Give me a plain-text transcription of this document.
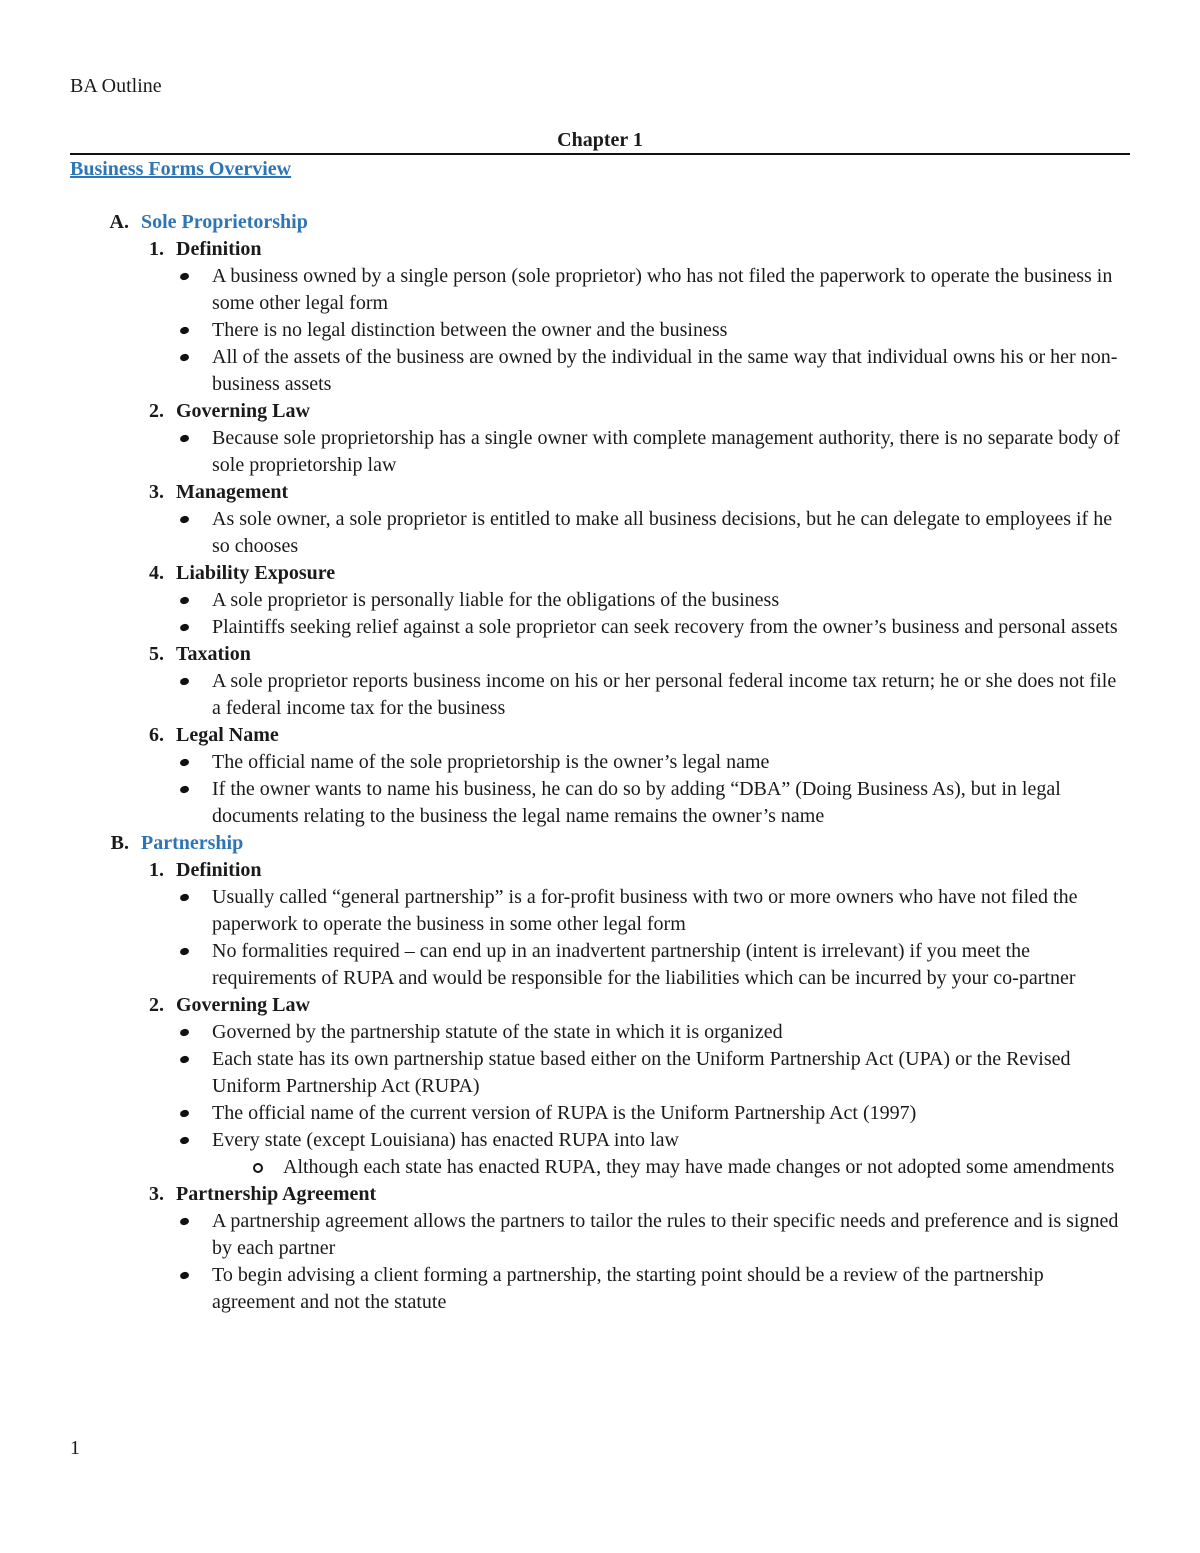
BA Outline
Chapter 1
Business Forms Overview
A. Sole Proprietorship
1. Definition
A business owned by a single person (sole proprietor) who has not filed the paperwork to operate the business in some other legal form
There is no legal distinction between the owner and the business
All of the assets of the business are owned by the individual in the same way that individual owns his or her non-business assets
2. Governing Law
Because sole proprietorship has a single owner with complete management authority, there is no separate body of sole proprietorship law
3. Management
As sole owner, a sole proprietor is entitled to make all business decisions, but he can delegate to employees if he so chooses
4. Liability Exposure
A sole proprietor is personally liable for the obligations of the business
Plaintiffs seeking relief against a sole proprietor can seek recovery from the owner’s business and personal assets
5. Taxation
A sole proprietor reports business income on his or her personal federal income tax return; he or she does not file a federal income tax for the business
6. Legal Name
The official name of the sole proprietorship is the owner’s legal name
If the owner wants to name his business, he can do so by adding “DBA” (Doing Business As), but in legal documents relating to the business the legal name remains the owner’s name
B. Partnership
1. Definition
Usually called “general partnership” is a for-profit business with two or more owners who have not filed the paperwork to operate the business in some other legal form
No formalities required – can end up in an inadvertent partnership (intent is irrelevant) if you meet the requirements of RUPA and would be responsible for the liabilities which can be incurred by your co-partner
2. Governing Law
Governed by the partnership statute of the state in which it is organized
Each state has its own partnership statue based either on the Uniform Partnership Act (UPA) or the Revised Uniform Partnership Act (RUPA)
The official name of the current version of RUPA is the Uniform Partnership Act (1997)
Every state (except Louisiana) has enacted RUPA into law
Although each state has enacted RUPA, they may have made changes or not adopted some amendments
3. Partnership Agreement
A partnership agreement allows the partners to tailor the rules to their specific needs and preference and is signed by each partner
To begin advising a client forming a partnership, the starting point should be a review of the partnership agreement and not the statute
1
